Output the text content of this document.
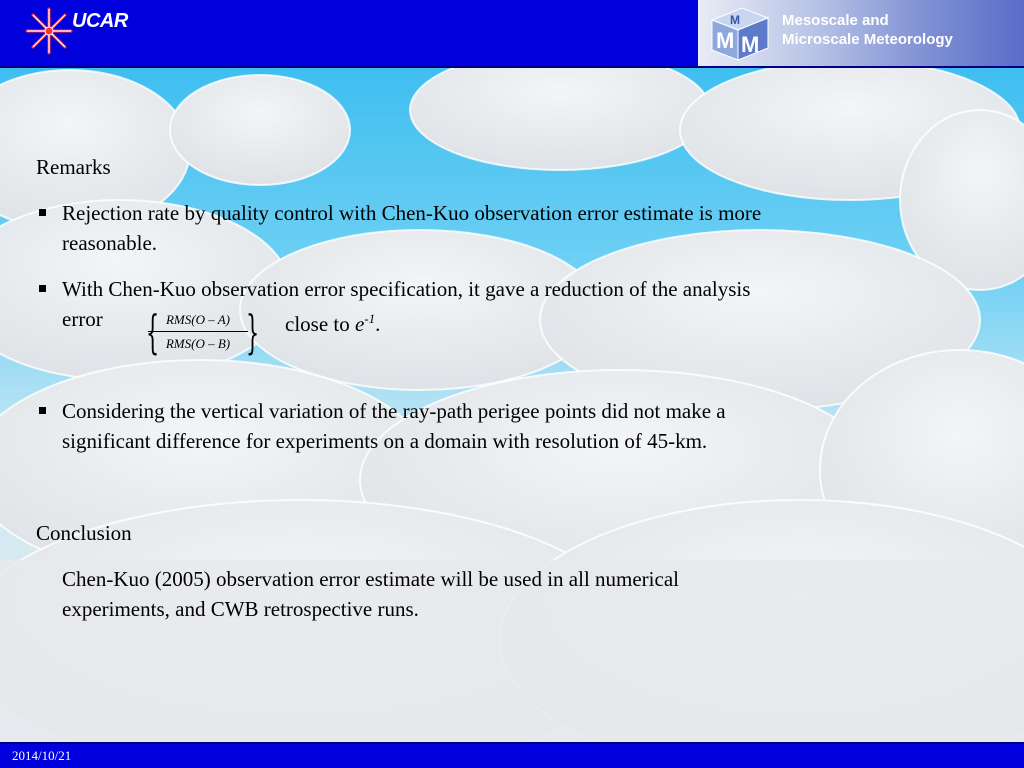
UCAR
M M
M	Mesoscale and
Microscale Meteorology
Remarks
Rejection rate by quality control with Chen-Kuo observation error estimate is more
reasonable.
With Chen-Kuo observation error specification, it gave a reduction of the analysis
error { RMS(O – A)
RMS(O – B) } close to $e^{-1}$.
Considering the vertical variation of the ray-path perigee points did not make a
significant difference for experiments on a domain with resolution of 45-km.
Conclusion
Chen-Kuo (2005) observation error estimate will be used in all numerical
experiments, and CWB retrospective runs.
2014/10/21
